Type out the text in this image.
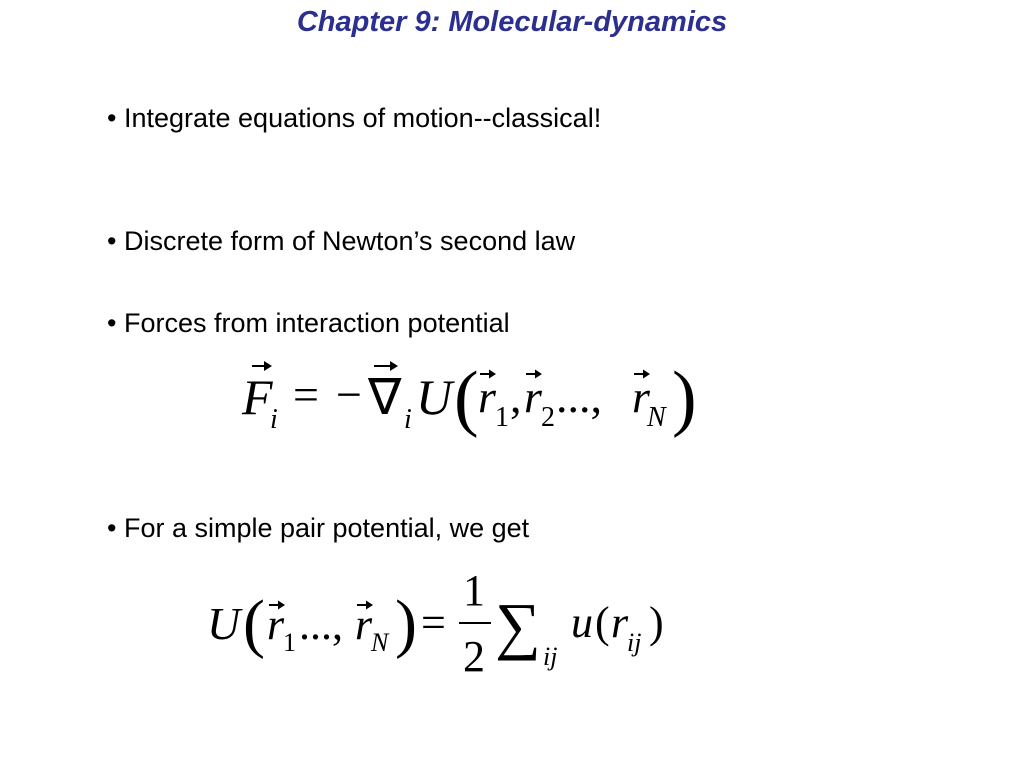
Chapter 9: Molecular-dynamics
• Integrate equations of motion--classical!
• Discrete form of Newton’s second law
• Forces from interaction potential
F
i = − ∇ i U ( r 1 , r 2 ..., r
N )
• For a simple pair potential, we get
U ( r
1 ..., r
N ) =
1
2 ∑ ij
u ( r
ij )
